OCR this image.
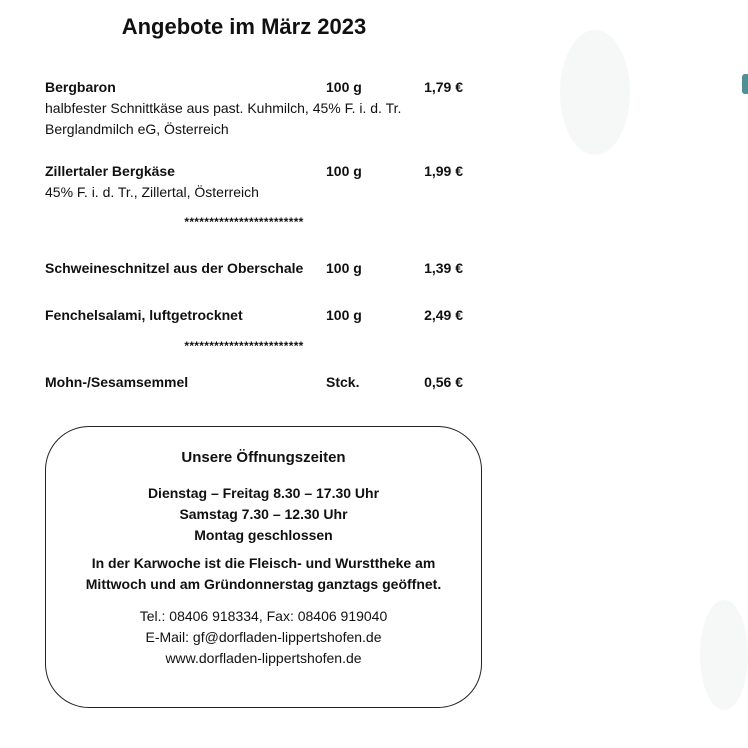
Angebote im März 2023
Bergbaron	100 g	1,79 €
halbfester Schnittkäse aus past. Kuhmilch, 45% F. i. d. Tr.
Berglandmilch eG, Österreich
Zillertaler Bergkäse	100 g	1,99 €
45% F. i. d. Tr., Zillertal, Österreich
************************
Schweineschnitzel aus der Oberschale 100 g	1,39 €
Fenchelsalami, luftgetrocknet	100 g	2,49 €
************************
Mohn-/Sesamsemmel	Stck.	0,56 €
Unsere Öffnungszeiten
Dienstag – Freitag 8.30 – 17.30 Uhr
Samstag 7.30 – 12.30 Uhr
Montag geschlossen
In der Karwoche ist die Fleisch- und Wursttheke am
Mittwoch und am Gründonnerstag ganztags geöffnet.
Tel.: 08406 918334, Fax: 08406 919040
E-Mail: gf@dorfladen-lippertshofen.de
www.dorfladen-lippertshofen.de
